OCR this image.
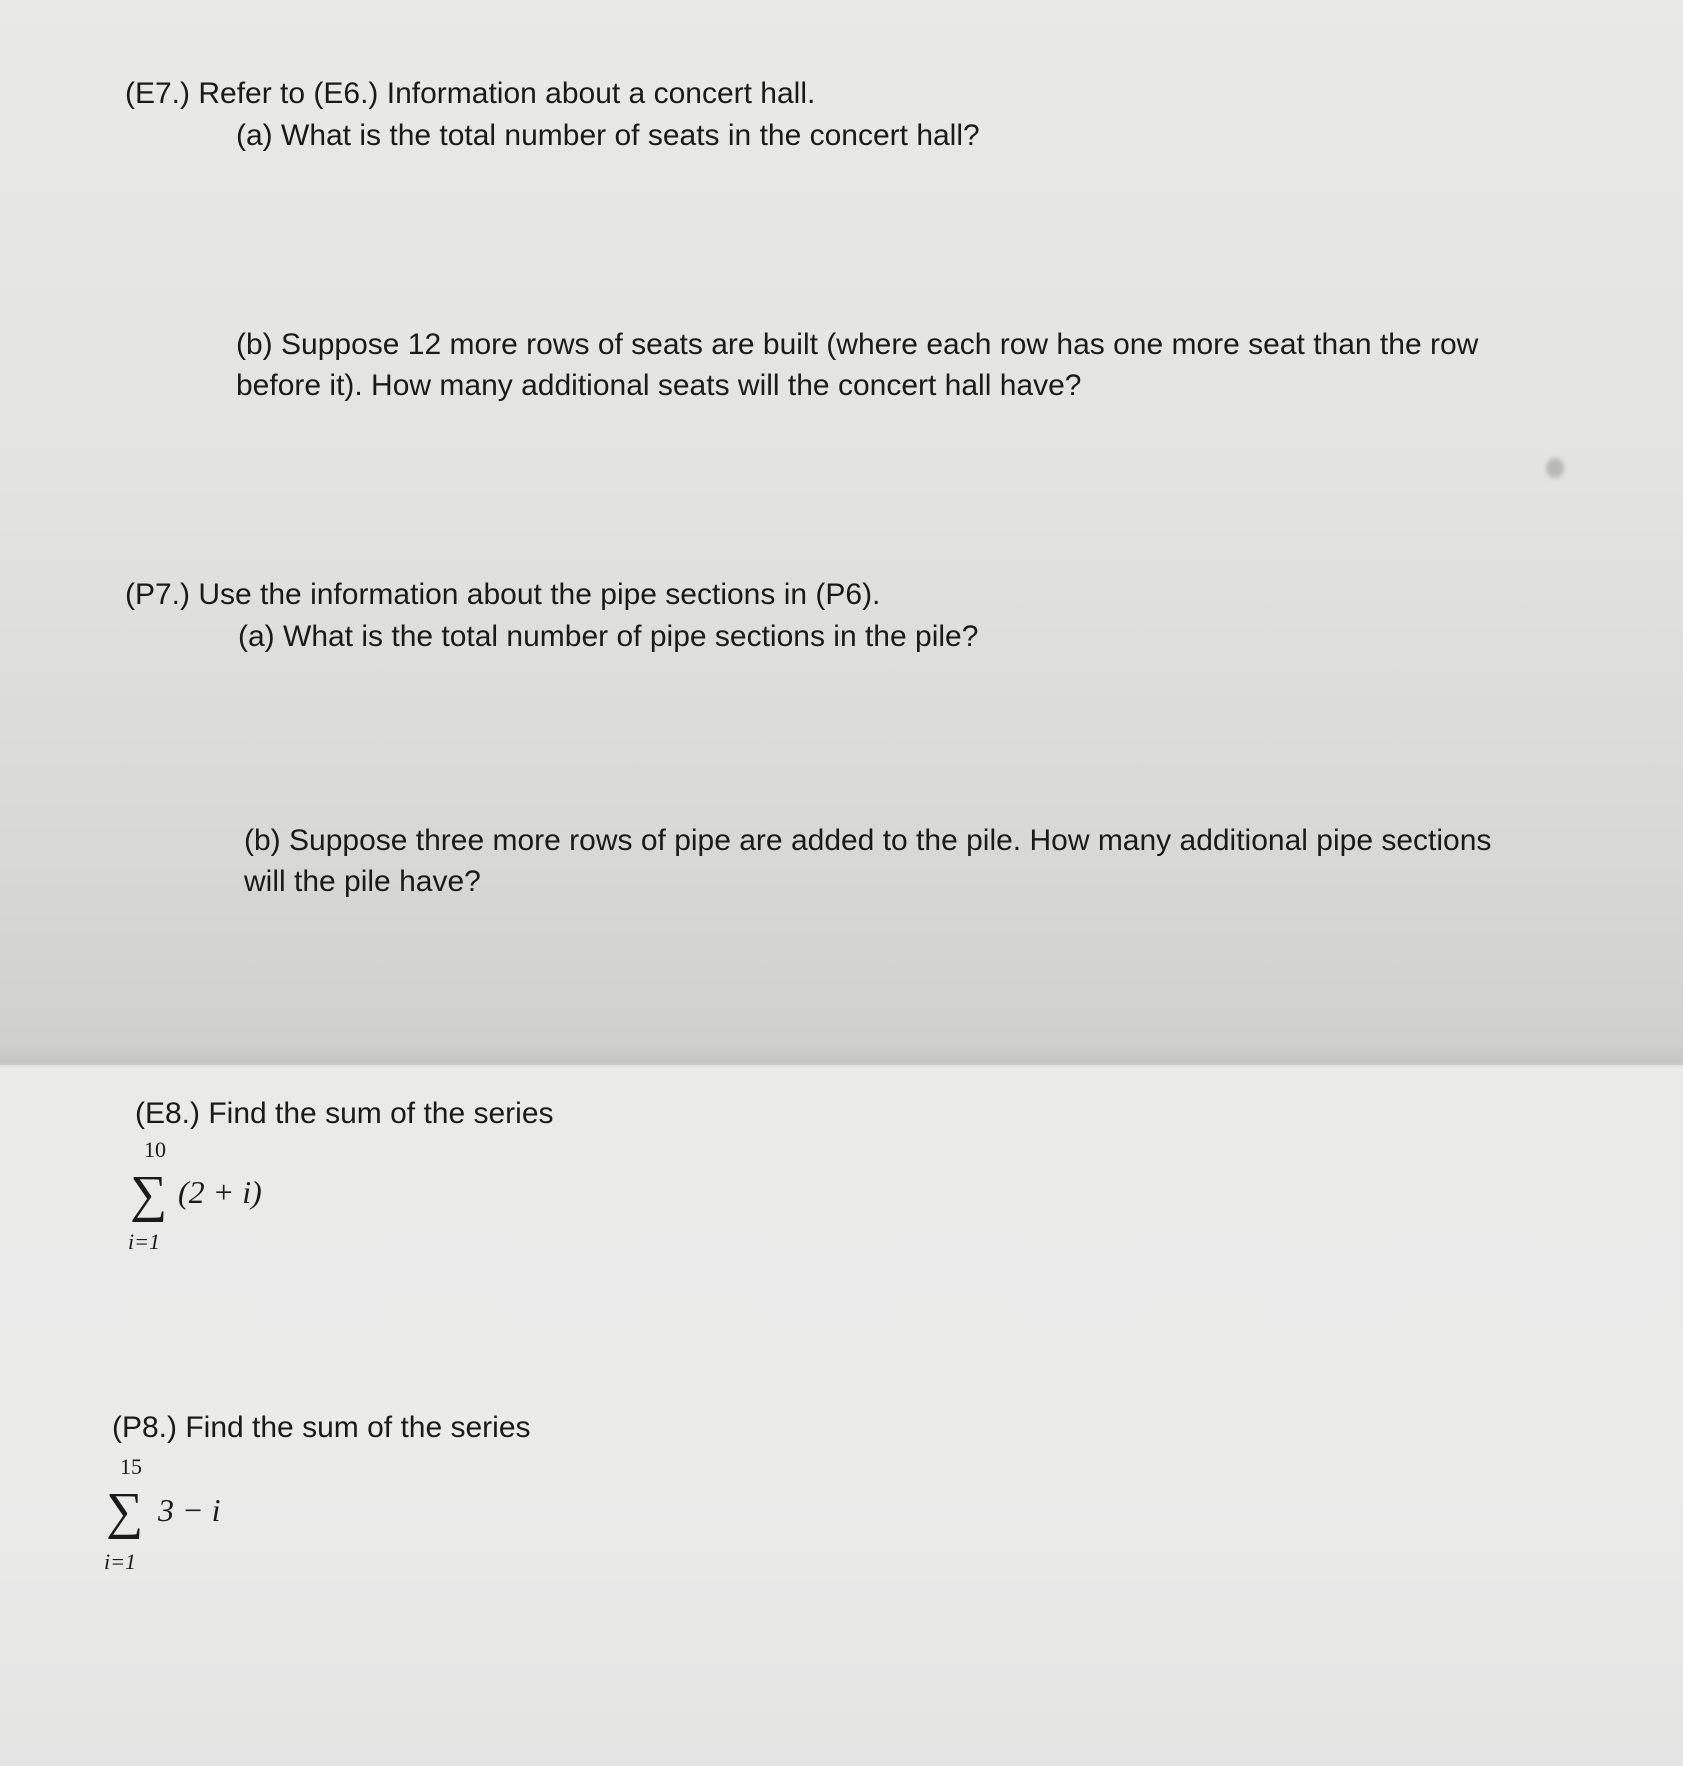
(E7.) Refer to (E6.) Information about a concert hall.
(a) What is the total number of seats in the concert hall?
(b) Suppose 12 more rows of seats are built (where each row has one more seat than the row
before it). How many additional seats will the concert hall have?
(P7.) Use the information about the pipe sections in (P6).
(a) What is the total number of pipe sections in the pile?
(b) Suppose three more rows of pipe are added to the pile. How many additional pipe sections
will the pile have?
(E8.) Find the sum of the series
10
∑ (2 + i)
i=1
(P8.) Find the sum of the series
15
∑ 3 − i
i=1
